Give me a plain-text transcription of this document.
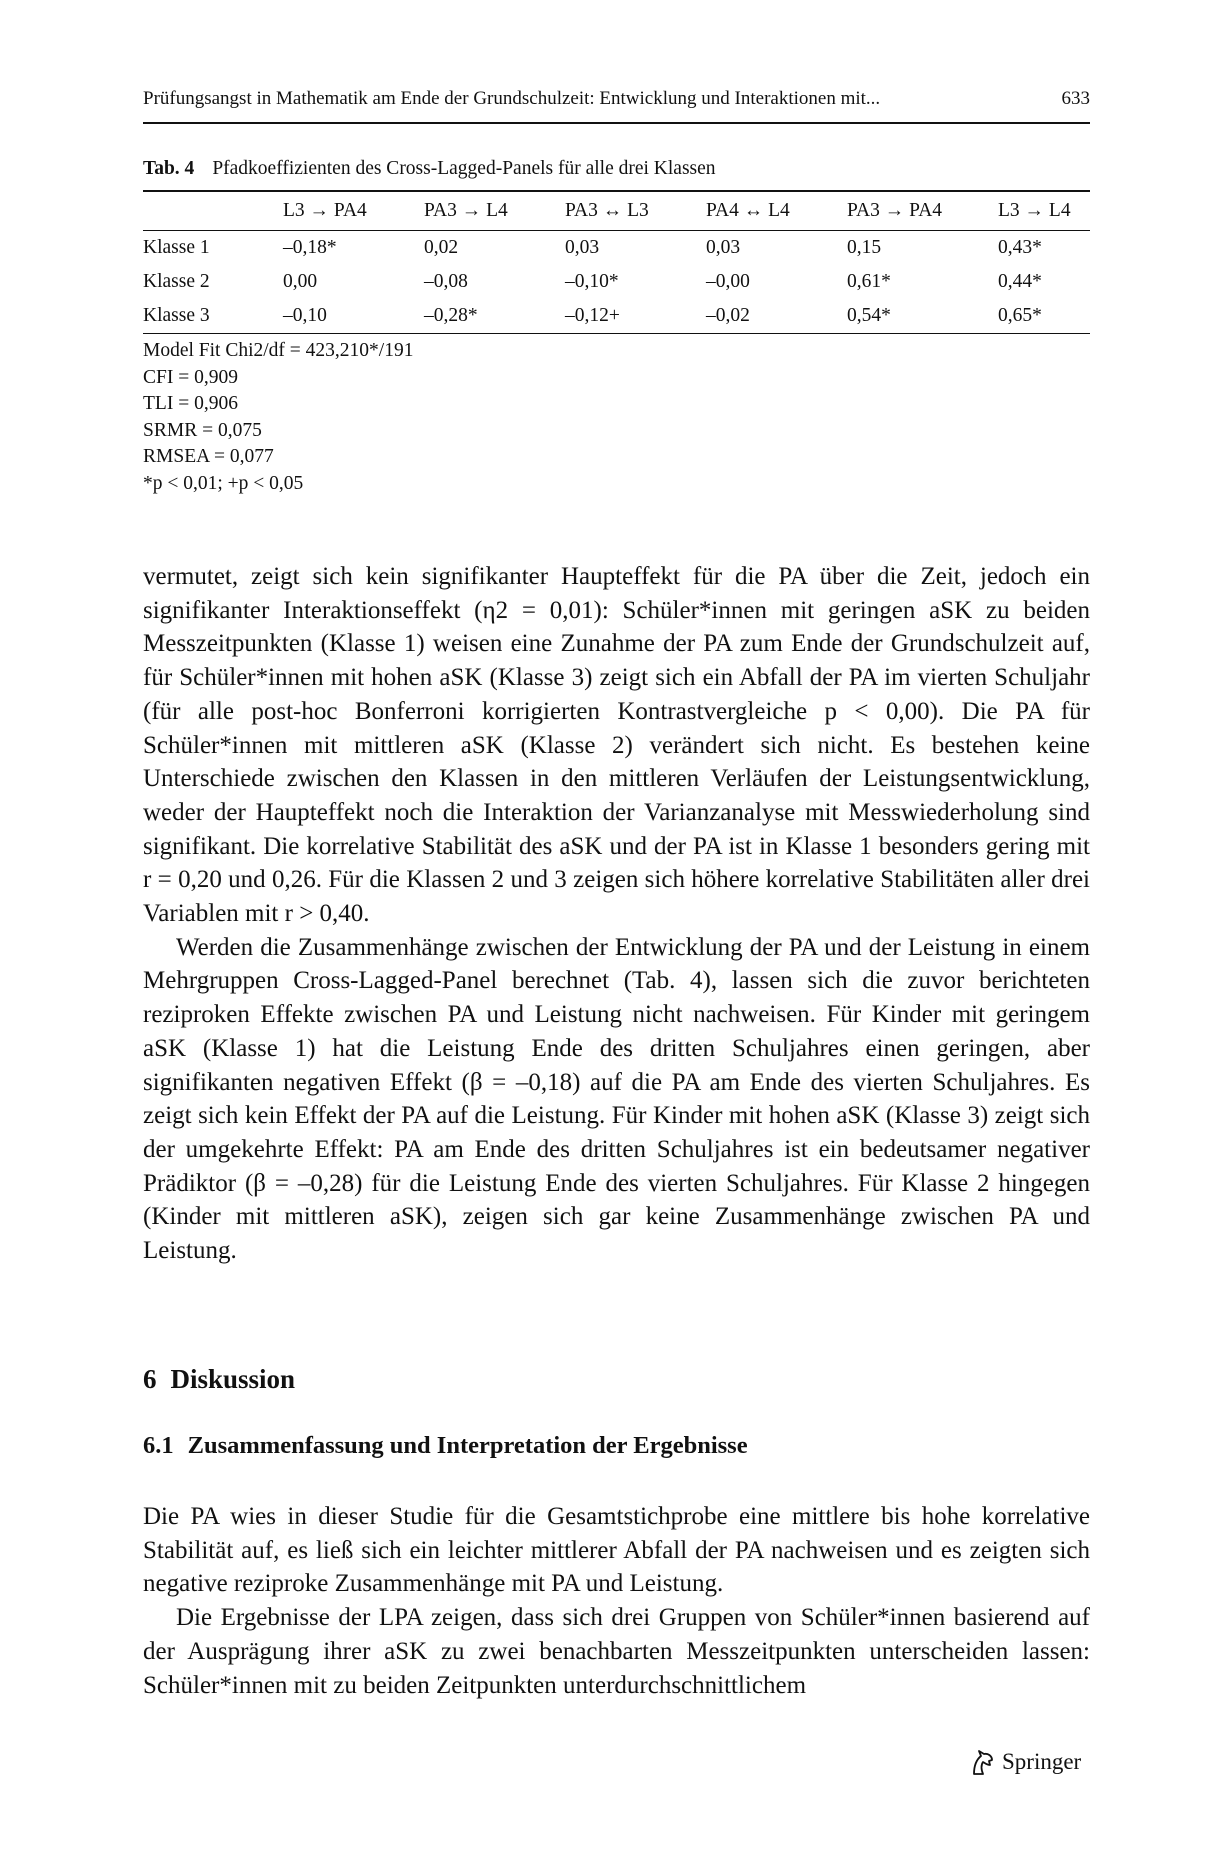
Prüfungsangst in Mathematik am Ende der Grundschulzeit: Entwicklung und Interaktionen mit...	633
Tab. 4 Pfadkoeffizienten des Cross-Lagged-Panels für alle drei Klassen
	L3 → PA4	PA3 → L4	PA3 ↔ L3	PA4 ↔ L4	PA3 → PA4	L3 → L4
Klasse 1	–0,18*	0,02	0,03	0,03	0,15	0,43*
Klasse 2	0,00	–0,08	–0,10*	–0,00	0,61*	0,44*
Klasse 3	–0,10	–0,28*	–0,12+	–0,02	0,54*	0,65*
Model Fit Chi2/df = 423,210*/191
CFI = 0,909
TLI = 0,906
SRMR = 0,075
RMSEA = 0,077
*p < 0,01; +p < 0,05

vermutet, zeigt sich kein signifikanter Haupteffekt für die PA über die Zeit, jedoch ein signifikanter Interaktionseffekt (η2 = 0,01): Schüler*innen mit geringen aSK zu beiden Messzeitpunkten (Klasse 1) weisen eine Zunahme der PA zum Ende der Grundschulzeit auf, für Schüler*innen mit hohen aSK (Klasse 3) zeigt sich ein Abfall der PA im vierten Schuljahr (für alle post-hoc Bonferroni korrigierten Kontrastvergleiche p < 0,00). Die PA für Schüler*innen mit mittleren aSK (Klasse 2) verändert sich nicht. Es bestehen keine Unterschiede zwischen den Klassen in den mittleren Verläufen der Leistungsentwicklung, weder der Haupteffekt noch die Interaktion der Varianzanalyse mit Messwiederholung sind signifikant. Die korrelative Stabilität des aSK und der PA ist in Klasse 1 besonders gering mit r = 0,20 und 0,26. Für die Klassen 2 und 3 zeigen sich höhere korrelative Stabilitäten aller drei Variablen mit r > 0,40.

Werden die Zusammenhänge zwischen der Entwicklung der PA und der Leistung in einem Mehrgruppen Cross-Lagged-Panel berechnet (Tab. 4), lassen sich die zuvor berichteten reziproken Effekte zwischen PA und Leistung nicht nachweisen. Für Kinder mit geringem aSK (Klasse 1) hat die Leistung Ende des dritten Schuljahres einen geringen, aber signifikanten negativen Effekt (β = –0,18) auf die PA am Ende des vierten Schuljahres. Es zeigt sich kein Effekt der PA auf die Leistung. Für Kinder mit hohen aSK (Klasse 3) zeigt sich der umgekehrte Effekt: PA am Ende des dritten Schuljahres ist ein bedeutsamer negativer Prädiktor (β = –0,28) für die Leistung Ende des vierten Schuljahres. Für Klasse 2 hingegen (Kinder mit mittleren aSK), zeigen sich gar keine Zusammenhänge zwischen PA und Leistung.

6 Diskussion
6.1 Zusammenfassung und Interpretation der Ergebnisse

Die PA wies in dieser Studie für die Gesamtstichprobe eine mittlere bis hohe korrelative Stabilität auf, es ließ sich ein leichter mittlerer Abfall der PA nachweisen und es zeigten sich negative reziproke Zusammenhänge mit PA und Leistung.

Die Ergebnisse der LPA zeigen, dass sich drei Gruppen von Schüler*innen basierend auf der Ausprägung ihrer aSK zu zwei benachbarten Messzeitpunkten unterscheiden lassen: Schüler*innen mit zu beiden Zeitpunkten unterdurchschnittlichem

Springer
